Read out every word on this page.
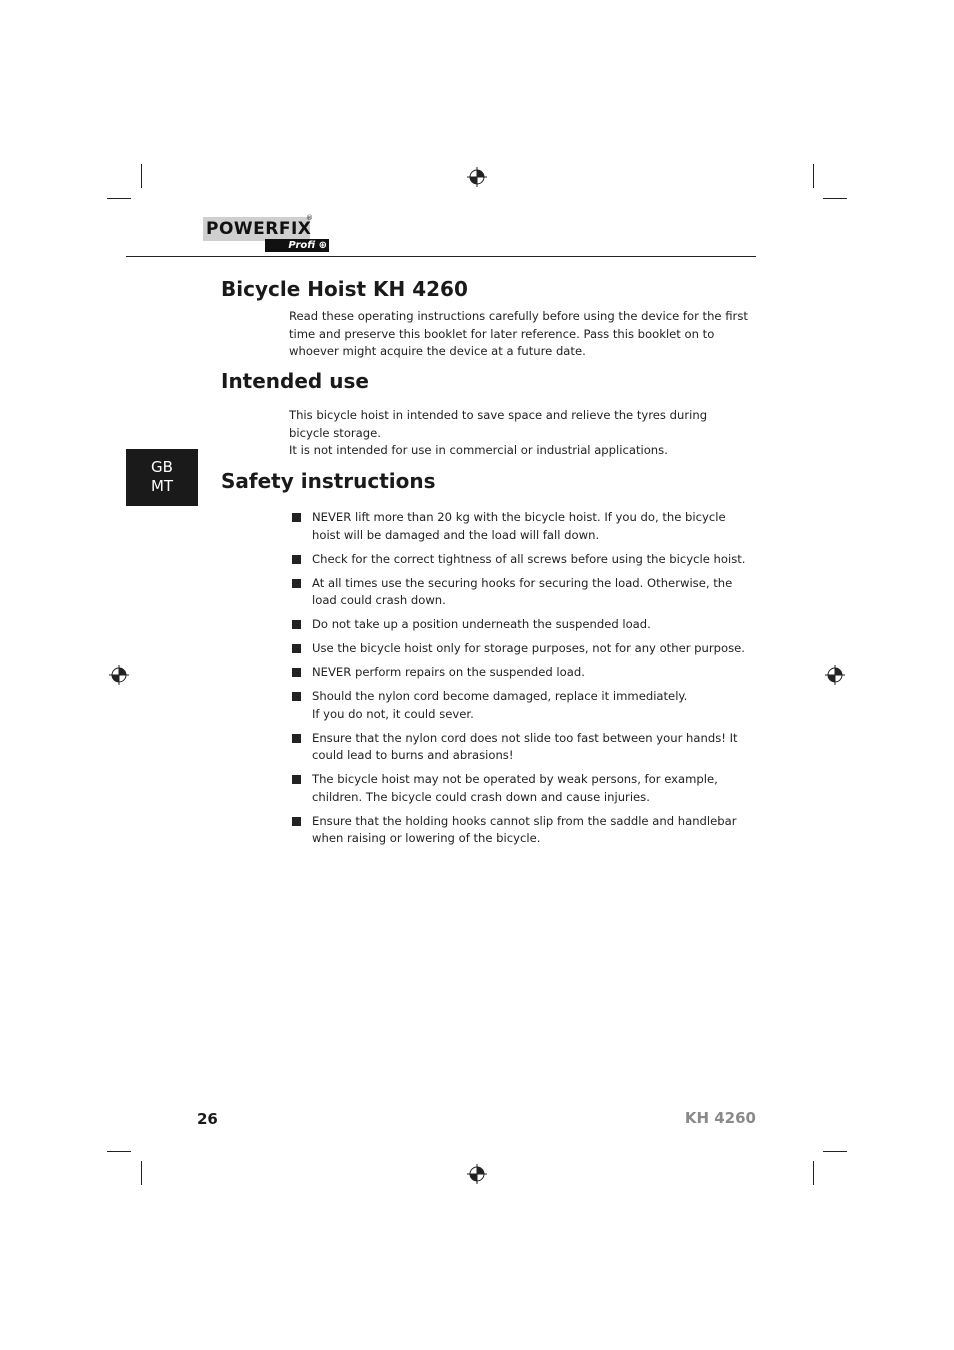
POWERFIX
®
Profi ⊕
Bicycle Hoist KH 4260

Read these operating instructions carefully before using the device for the first time and preserve this booklet for later reference. Pass this booklet on to whoever might acquire the device at a future date.

Intended use

This bicycle hoist in intended to save space and relieve the tyres during bicycle storage.

It is not intended for use in commercial or industrial applications.

GB
MT	Safety instructions
NEVER lift more than 20 kg with the bicycle hoist. If you do, the bicycle hoist will be damaged and the load will fall down.
Check for the correct tightness of all screws before using the bicycle hoist.
At all times use the securing hooks for securing the load. Otherwise, the load could crash down.
Do not take up a position underneath the suspended load.
Use the bicycle hoist only for storage purposes, not for any other purpose.
NEVER perform repairs on the suspended load.
Should the nylon cord become damaged, replace it immediately.
If you do not, it could sever.
Ensure that the nylon cord does not slide too fast between your hands! It could lead to burns and abrasions!
The bicycle hoist may not be operated by weak persons, for example, children. The bicycle could crash down and cause injuries.
Ensure that the holding hooks cannot slip from the saddle and handlebar when raising or lowering of the bicycle.
26	KH 4260
